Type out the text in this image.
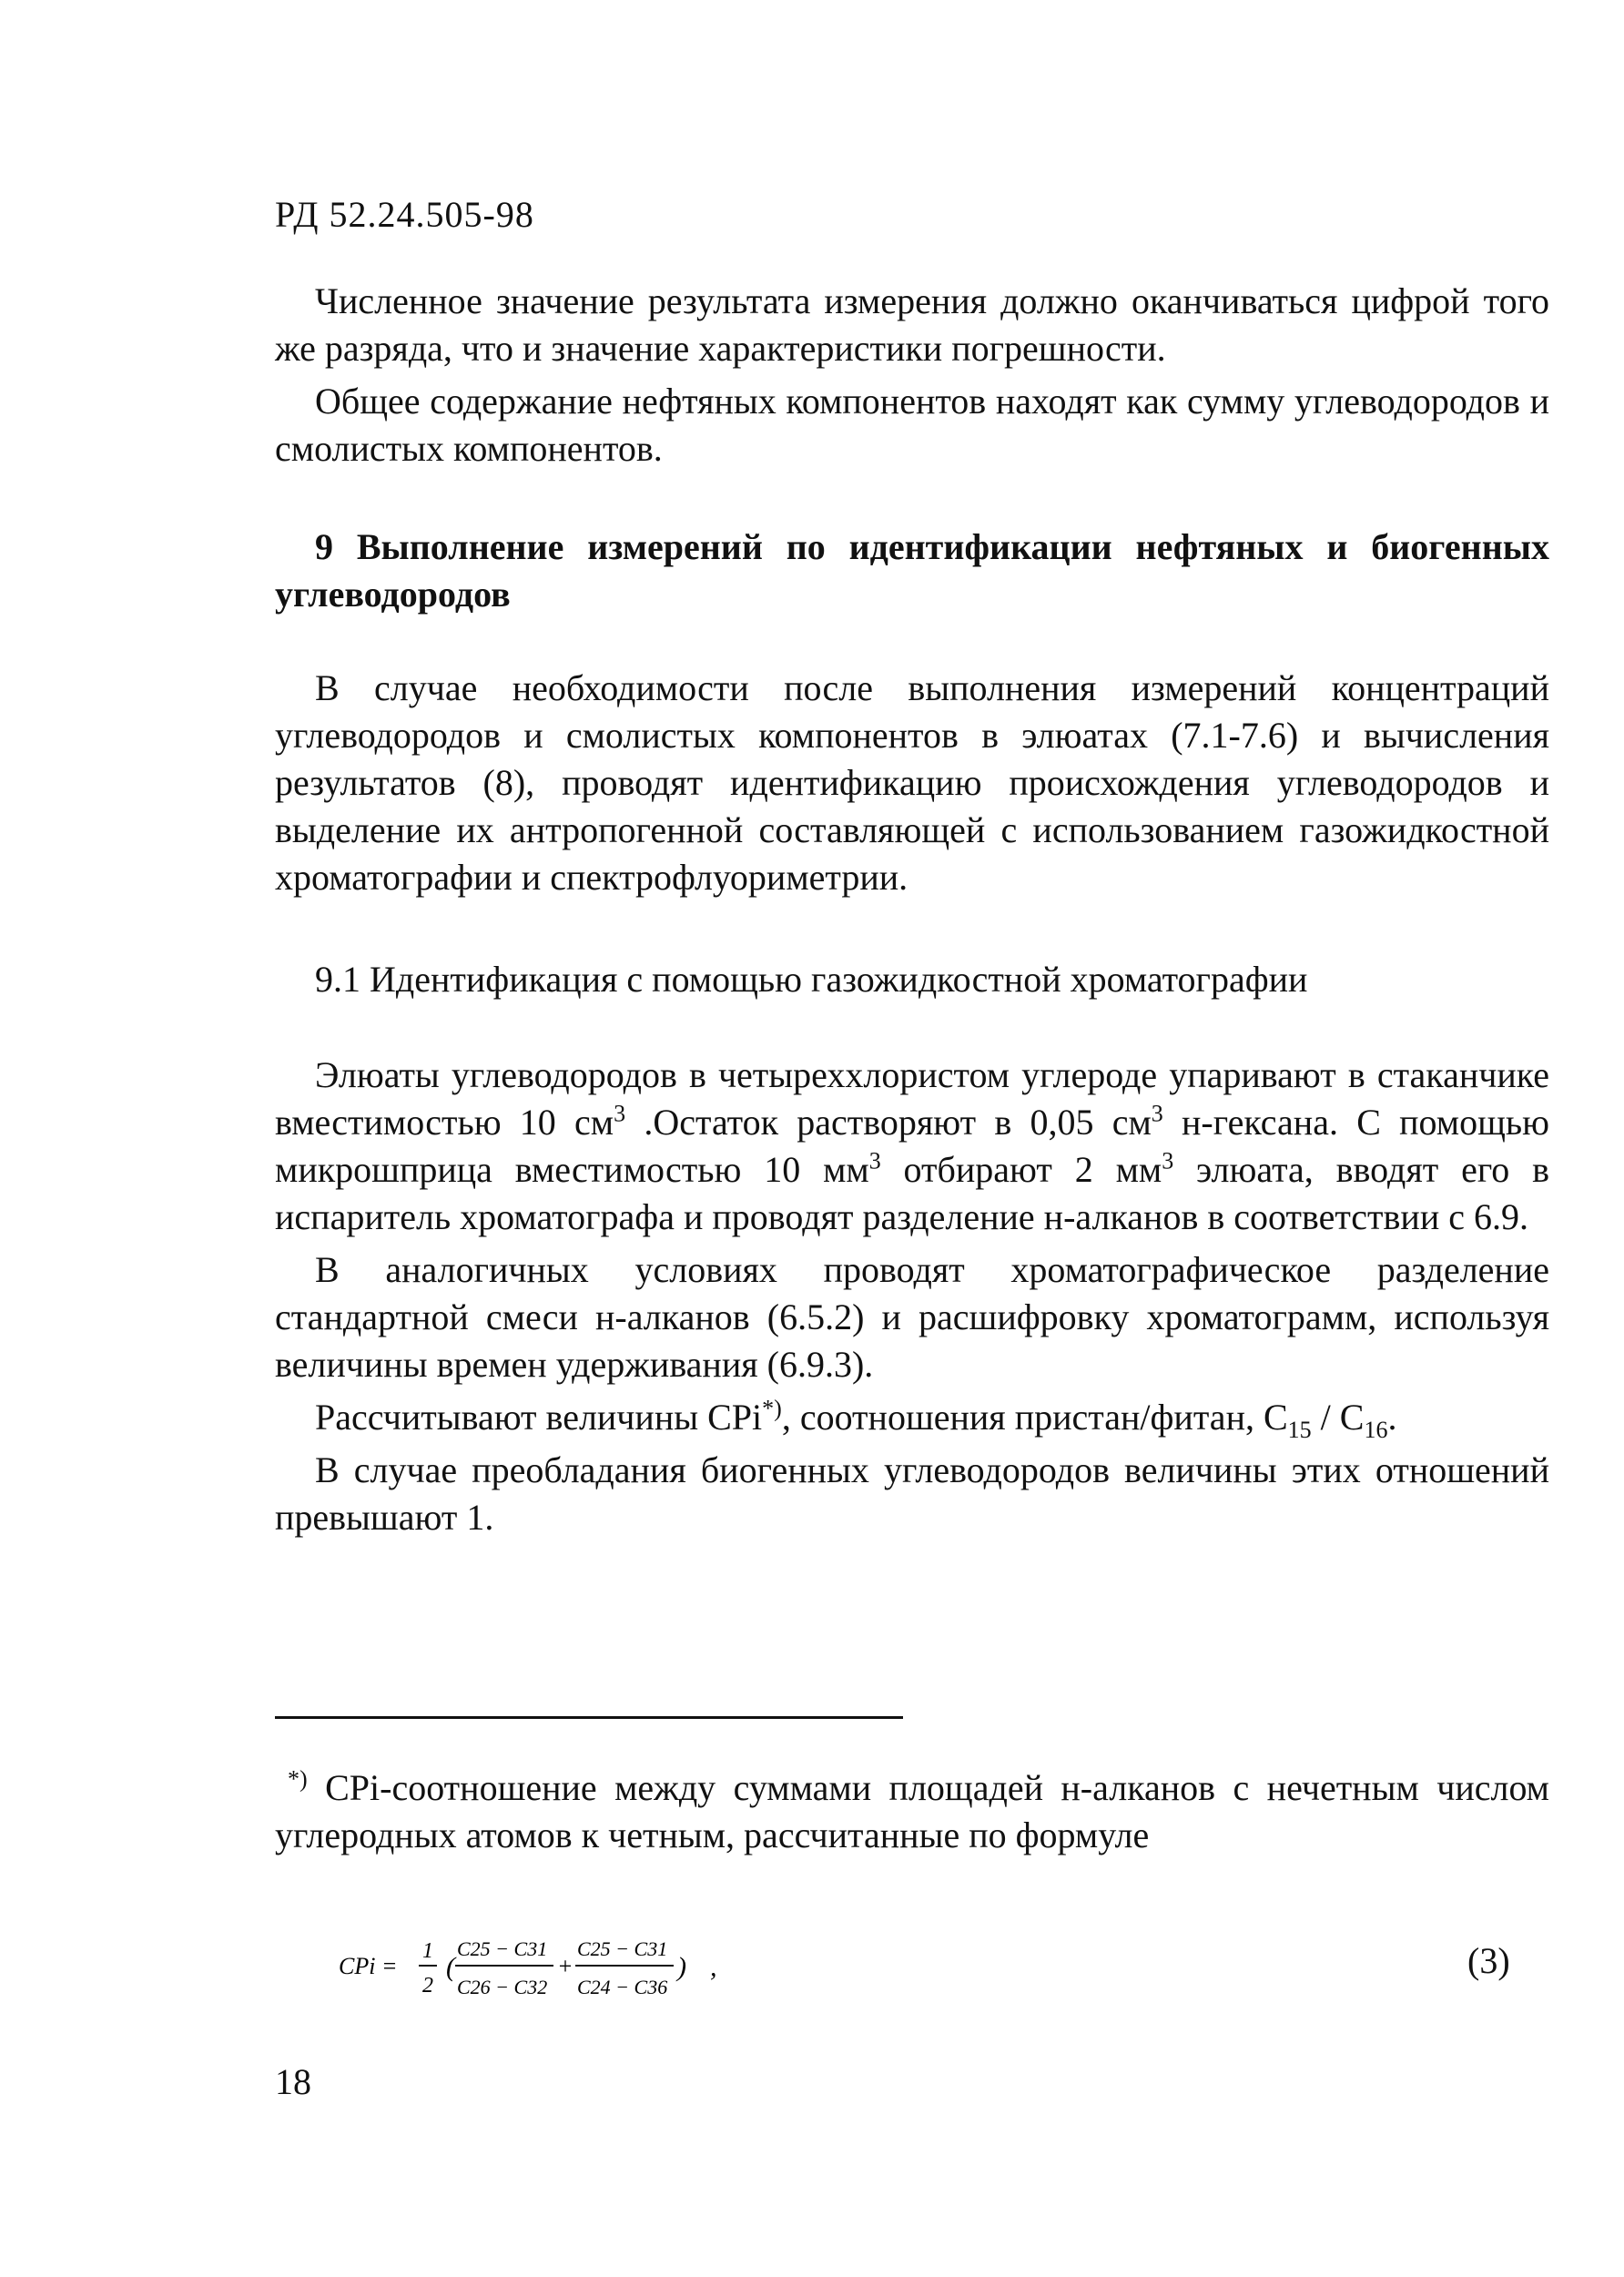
РД 52.24.505-98

Численное значение результата измерения должно оканчиваться цифрой того же разряда, что и значение характеристики погрешности.

Общее содержание нефтяных компонентов находят как сумму углеводородов и смолистых компонентов.

9 Выполнение измерений по идентификации нефтяных и биогенных углеводородов

В случае необходимости после выполнения измерений концентраций углеводородов и смолистых компонентов в элюатах (7.1-7.6) и вычисления результатов (8), проводят идентификацию происхождения углеводородов и выделение их антропогенной составляющей с использованием газожидкостной хроматографии и спектрофлуориметрии.

9.1 Идентификация с помощью газожидкостной хроматографии

Элюаты углеводородов в четыреххлористом углероде упаривают в стаканчике вместимостью 10 $см^3$ .Остаток растворяют в 0,05 $см^3$ н-гексана. С помощью микрошприца вместимостью 10 $мм^3$ отбирают 2 $мм^3$ элюата, вводят его в испаритель хроматографа и проводят разделение н-алканов в соответствии с 6.9.

В аналогичных условиях проводят хроматографическое разделение стандартной смеси н-алканов (6.5.2) и расшифровку хроматограмм, используя величины времен удерживания (6.9.3).

Рассчитывают величины CPi*), соотношения пристан/фитан, $C_{15} / C_{16}$.

В случае преобладания биогенных углеводородов величины этих отношений превышают 1.

*) CPi-соотношение между суммами площадей н-алканов с нечетным числом углеродных атомов к четным, рассчитанные по формуле

CPi =
1
2
(
C25 − C31
C26 − C32
+
C25 − C31
C24 − C36
) ,	(3)
18
